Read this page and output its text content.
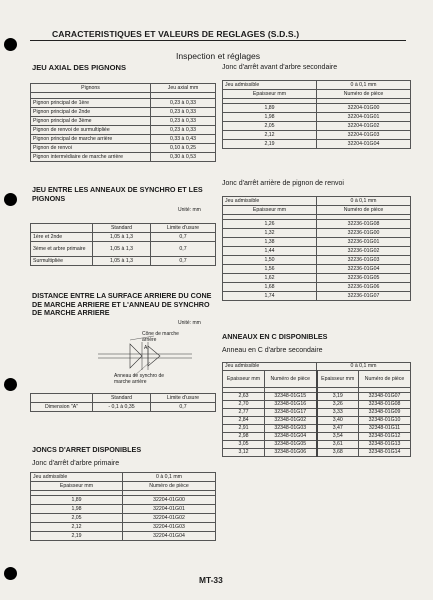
CARACTERISTIQUES ET VALEURS DE REGLAGES (S.D.S.)
Inspection et réglages
JEU AXIAL DES PIGNONS
Pignons	Jeu axial mm

Pignon principal de 1ère	0,23 à 0,33
Pignon principal de 2nde	0,23 à 0,33
Pignon principal de 3ème	0,23 à 0,33
Pignon de renvoi de surmultipliée	0,23 à 0,33
Pignon principal de marche arrière	0,33 à 0,43
Pignon de renvoi	0,10 à 0,25
Pignon intermédiaire de marche arrière	0,30 à 0,53
JEU ENTRE LES ANNEAUX DE SYNCHRO ET LES PIGNONS
Unité: mm
	Standard	Limite d'usure
1ère et 2nde	1,05 à 1,3	0,7
3ème et arbre primaire	1,05 à 1,3	0,7
Surmultipliée	1,05 à 1,3	0,7
DISTANCE ENTRE LA SURFACE ARRIERE DU CONE DE MARCHE ARRIERE ET L'ANNEAU DE SYNCHRO DE MARCHE ARRIERE
Unité: mm
Cône de marche arrière
A
Anneau de synchro de marche arrière
	Standard	Limite d'usure
Dimension "A"	- 0,1 à 0,35	0,7
JONCS D'ARRET DISPONIBLES
Jonc d'arrêt d'arbre primaire
Jeu admissible	0 à 0,1 mm
Epaisseur mm	Numéro de pièce

1,89	32204-01G00
1,98	32204-01G01
2,05	32204-01G02
2,12	32204-01G03
2,19	32204-01G04
Jonc d'arrêt avant d'arbre secondaire
Jeu admissible	0 à 0,1 mm
Epaisseur mm	Numéro de pièce

1,89	32204-01G00
1,98	32204-01G01
2,05	32204-01G02
2,12	32204-01G03
2,19	32204-01G04
Jonc d'arrêt arrière de pignon de renvoi
Jeu admissible	0 à 0,1 mm
Epaisseur mm	Numéro de pièce

1,26	32236-01G08
1,32	32236-01G00
1,38	32236-01G01
1,44	32236-01G02
1,50	32236-01G03
1,56	32236-01G04
1,62	32236-01G05
1,68	32236-01G06
1,74	32236-01G07
ANNEAUX EN C DISPONIBLES
Anneau en C d'arbre secondaire
Jeu admissible		0 à 0,1 mm	
Epaisseur mm	Numéro de pièce	Epaisseur mm	Numéro de pièce

2,63	32348-01G15	3,19	32348-01G07
2,70	32348-01G16	3,26	32348-01G08
2,77	32348-01G17	3,33	32348-01G09
2,84	32348-01G02	3,40	32348-01G10
2,91	32348-01G03	3,47	32348-01G11
2,98	32348-01G04	3,54	32348-01G12
3,05	32348-01G05	3,61	32348-01G13
3,12	32348-01G06	3,68	32348-01G14
MT-33
